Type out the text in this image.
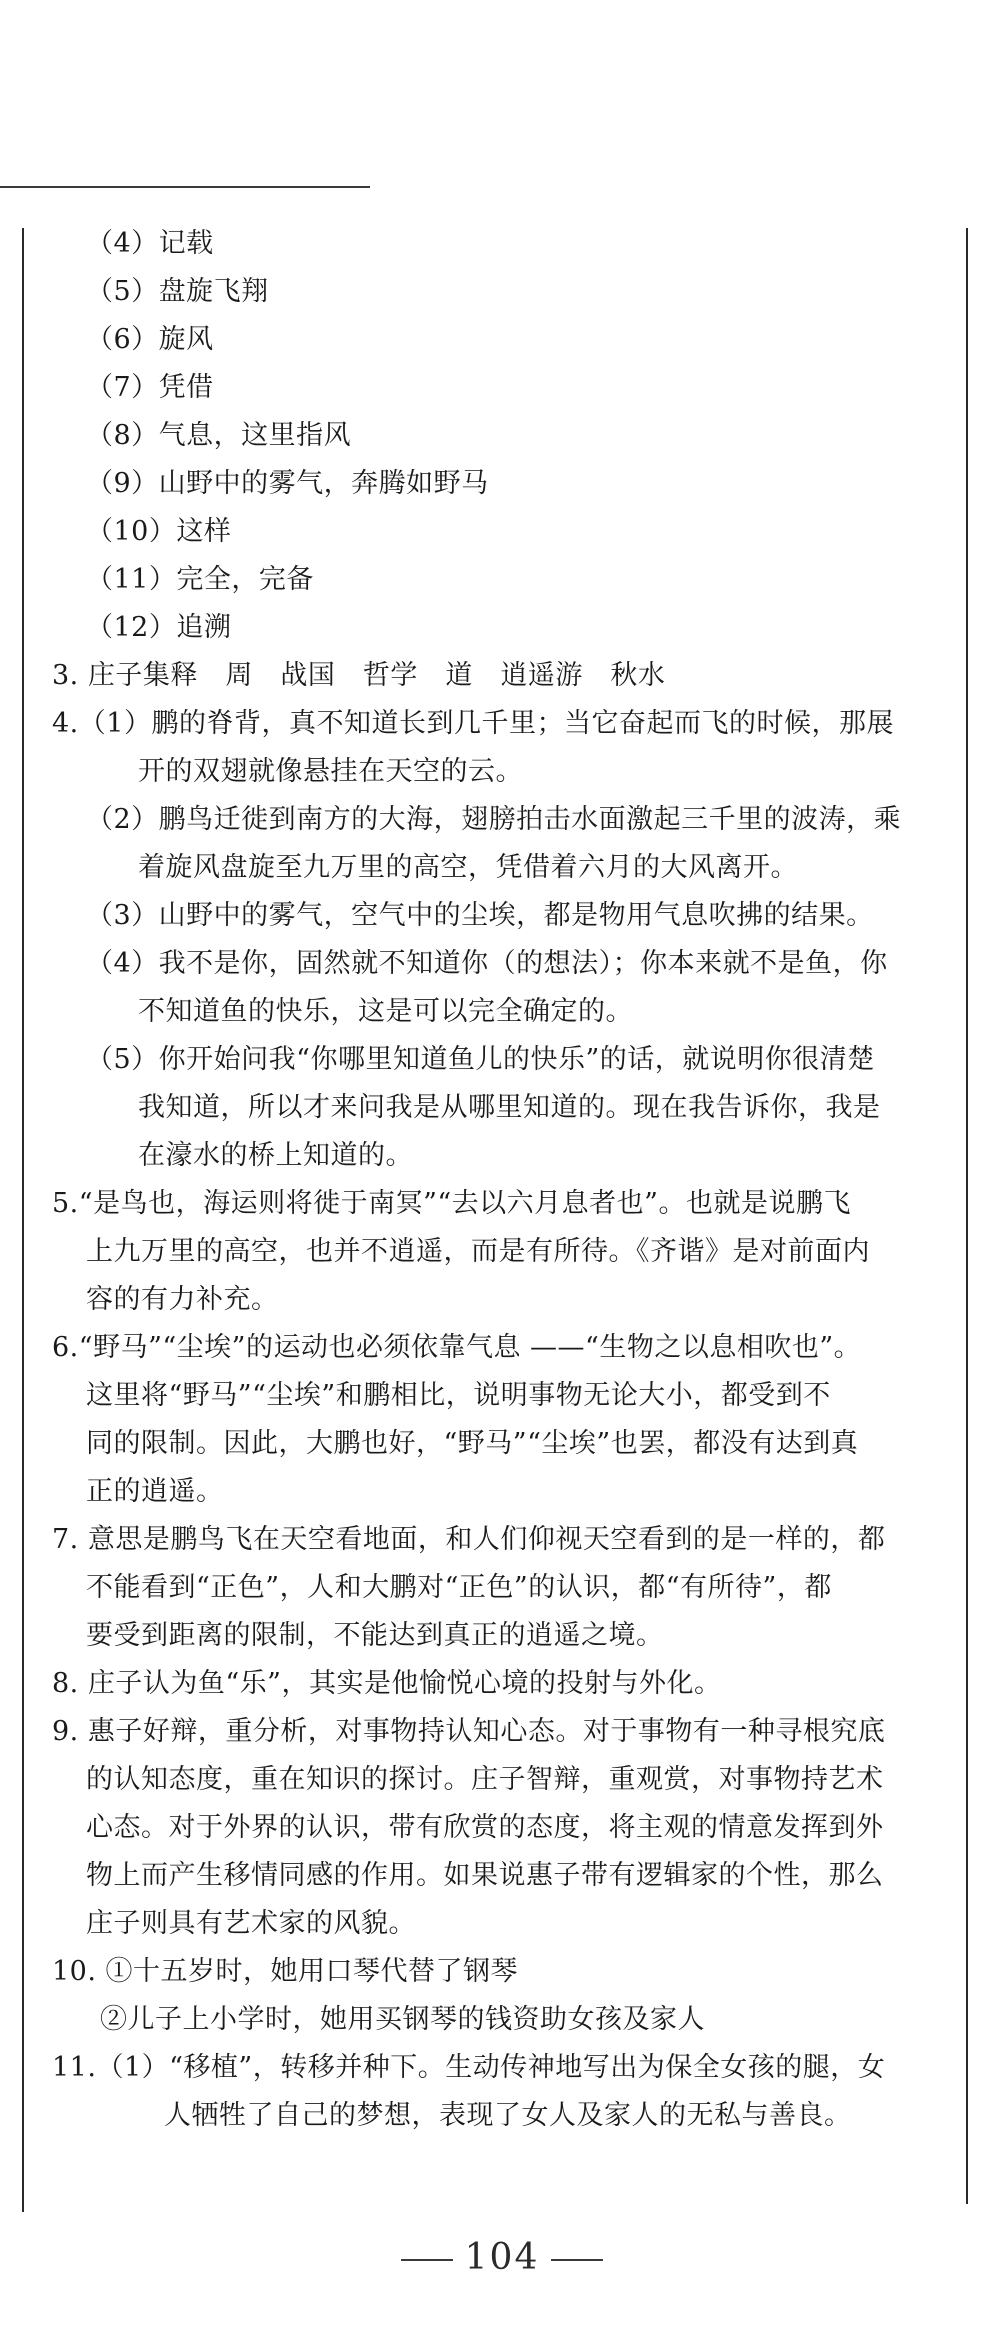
（4）记载
（5）盘旋飞翔
（6）旋风
（7）凭借
（8）气息，这里指风
（9）山野中的雾气，奔腾如野马
（10）这样
（11）完全，完备
（12）追溯
3. 庄子集释　周　战国　哲学　道　逍遥游　秋水
4.（1）鹏的脊背，真不知道长到几千里；当它奋起而飞的时候，那展
开的双翅就像悬挂在天空的云。
（2）鹏鸟迁徙到南方的大海，翅膀拍击水面激起三千里的波涛，乘
着旋风盘旋至九万里的高空，凭借着六月的大风离开。
（3）山野中的雾气，空气中的尘埃，都是物用气息吹拂的结果。
（4）我不是你，固然就不知道你（的想法）；你本来就不是鱼，你
不知道鱼的快乐，这是可以完全确定的。
（5）你开始问我“你哪里知道鱼儿的快乐”的话，就说明你很清楚
我知道，所以才来问我是从哪里知道的。现在我告诉你，我是
在濠水的桥上知道的。
5.“是鸟也，海运则将徙于南冥”“去以六月息者也”。也就是说鹏飞
上九万里的高空，也并不逍遥，而是有所待。《齐谐》是对前面内
容的有力补充。
6.“野马”“尘埃”的运动也必须依靠气息 ——“生物之以息相吹也”。
这里将“野马”“尘埃”和鹏相比，说明事物无论大小，都受到不
同的限制。因此，大鹏也好，“野马”“尘埃”也罢，都没有达到真
正的逍遥。
7. 意思是鹏鸟飞在天空看地面，和人们仰视天空看到的是一样的，都
不能看到“正色”，人和大鹏对“正色”的认识，都“有所待”，都
要受到距离的限制，不能达到真正的逍遥之境。
8. 庄子认为鱼“乐”，其实是他愉悦心境的投射与外化。
9. 惠子好辩，重分析，对事物持认知心态。对于事物有一种寻根究底
的认知态度，重在知识的探讨。庄子智辩，重观赏，对事物持艺术
心态。对于外界的认识，带有欣赏的态度，将主观的情意发挥到外
物上而产生移情同感的作用。如果说惠子带有逻辑家的个性，那么
庄子则具有艺术家的风貌。
10. ①十五岁时，她用口琴代替了钢琴
②儿子上小学时，她用买钢琴的钱资助女孩及家人
11.（1）“移植”，转移并种下。生动传神地写出为保全女孩的腿，女
人牺牲了自己的梦想，表现了女人及家人的无私与善良。
104
